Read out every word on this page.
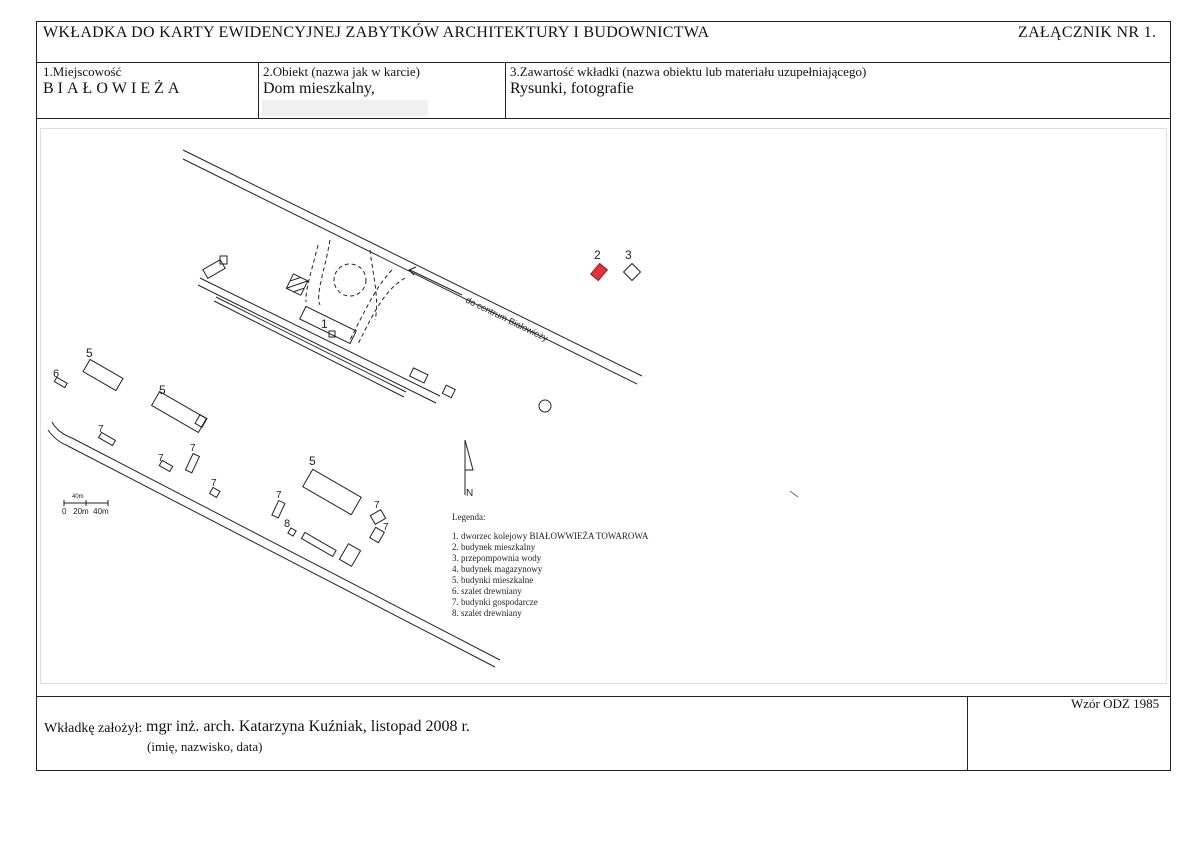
WKŁADKA DO KARTY EWIDENCYJNEJ ZABYTKÓW ARCHITEKTURY I BUDOWNICTWA	ZAŁĄCZNIK NR 1.
1.Miejscowość
BIAŁOWIEŻA
2.Obiekt (nazwa jak w karcie)
Dom mieszkalny,
3.Zawartość wkładki (nazwa obiektu lub materiału uzupełniającego)
Rysunki, fotografie
do centrum Białowieży
1
2 3
N
5
5
5
6
7
7
7
7
7
7
7
8
40m
0   20m  40m
Legenda:
1. dworzec kolejowy BIAŁOWWIEŻA TOWAROWA
2. budynek mieszkalny
3. przepompownia wody
4. budynek magazynowy
5. budynki mieszkalne
6. szalet drewniany
7. budynki gospodarcze
8. szalet drewniany
Wzór ODZ 1985
Wkładkę założył: mgr inż. arch. Katarzyna Kuźniak, listopad 2008 r.
(imię, nazwisko, data)
